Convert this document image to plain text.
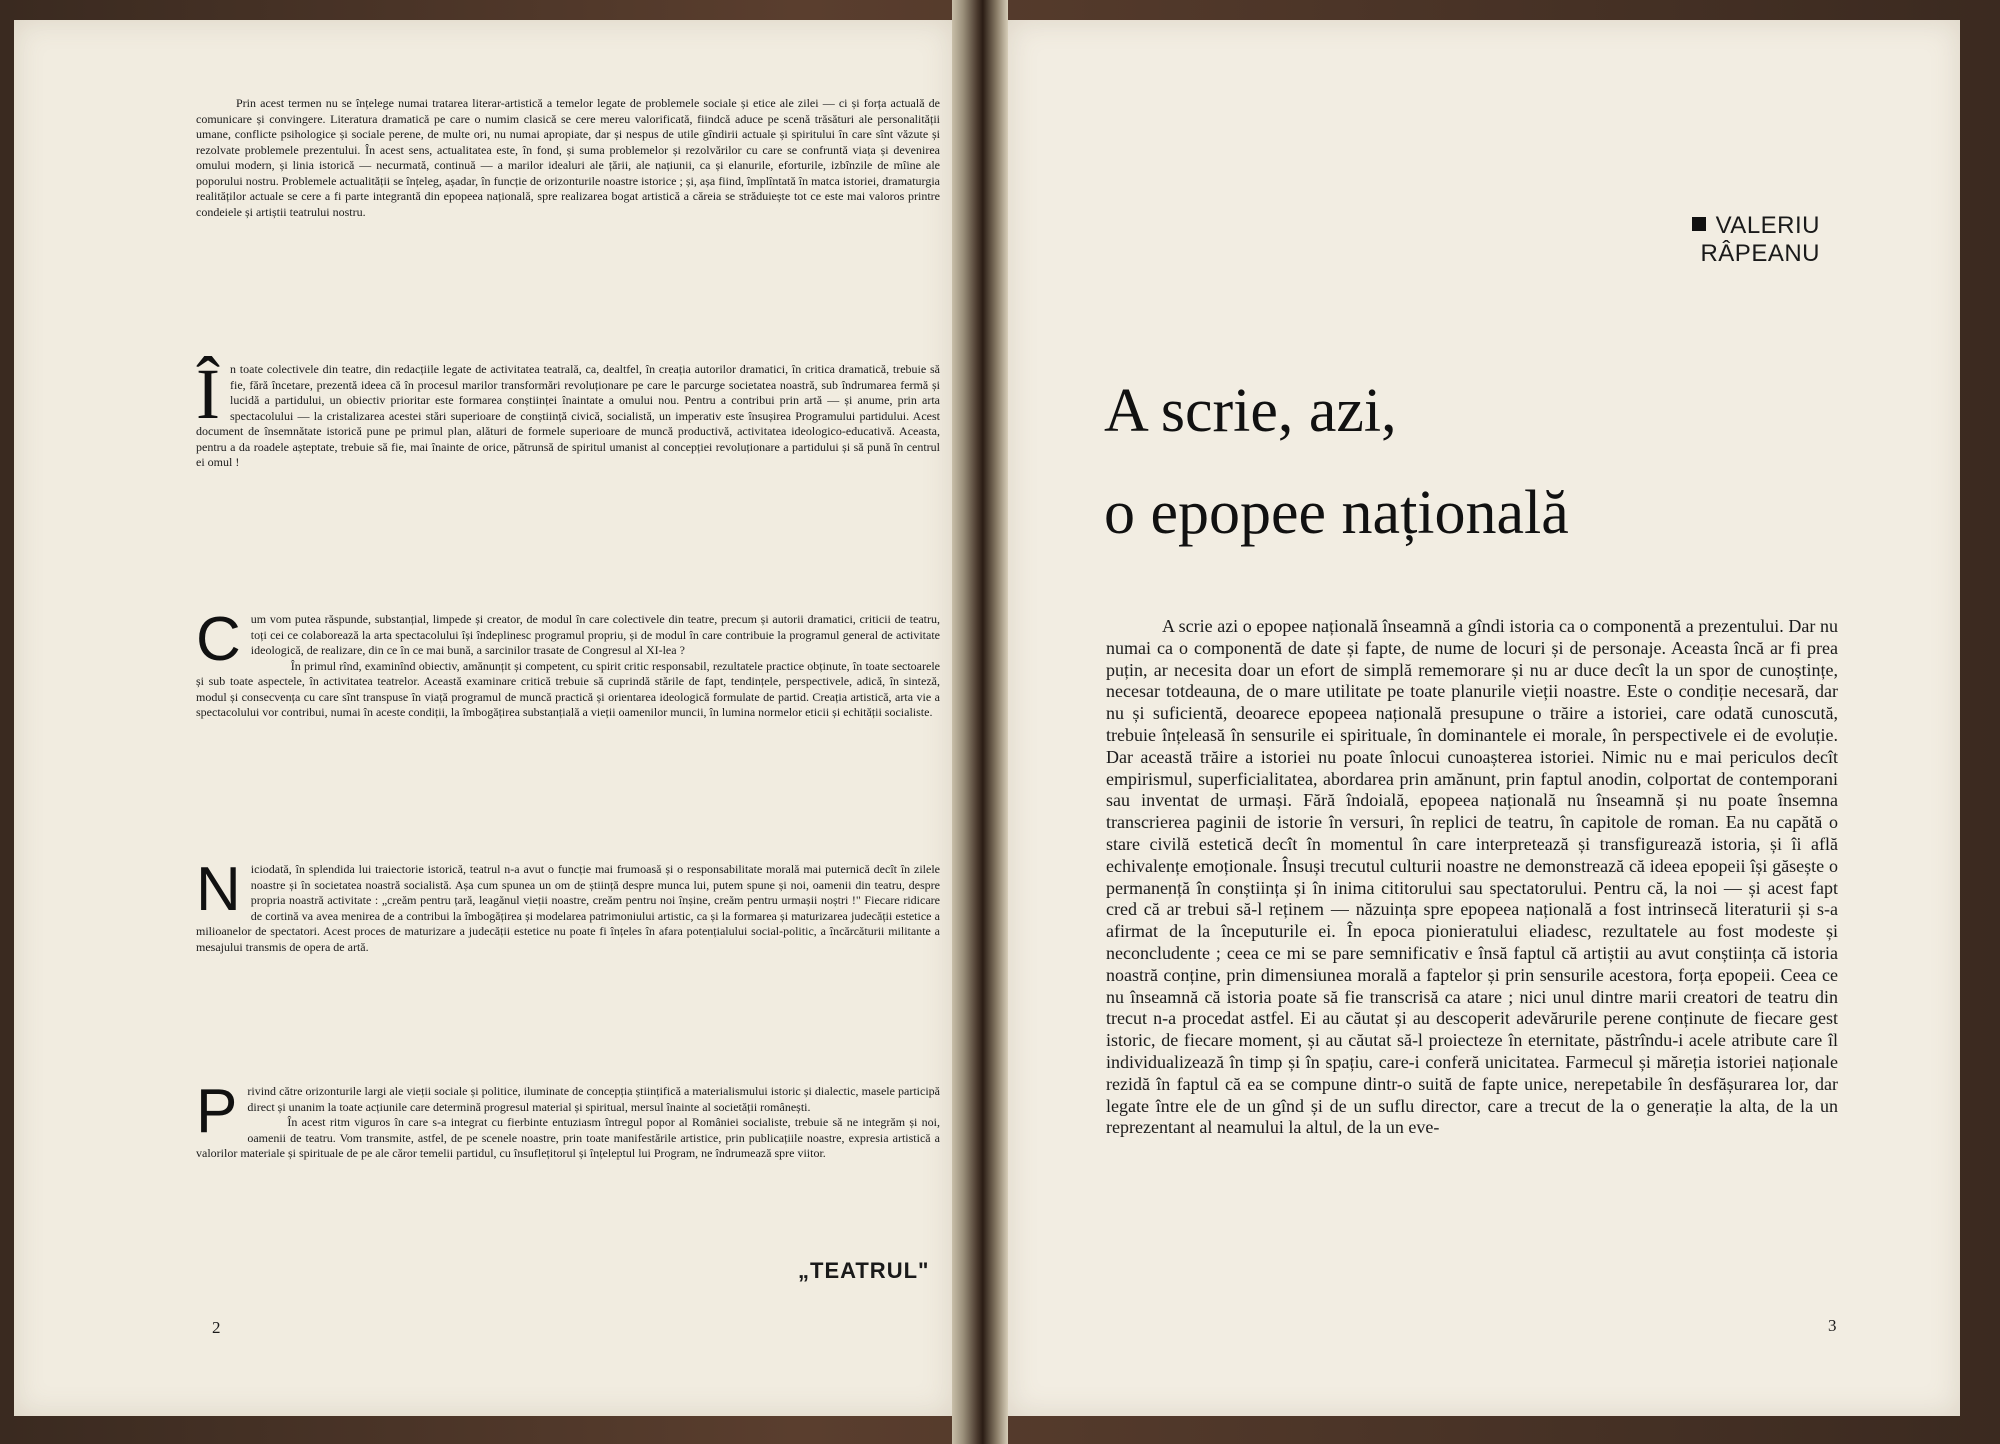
Prin acest termen nu se înțelege numai tratarea literar-artistică a temelor legate de problemele sociale și etice ale zilei — ci și forța actuală de comunicare și convingere. Literatura dramatică pe care o numim clasică se cere mereu valorificată, fiindcă aduce pe scenă trăsături ale personalității umane, conflicte psihologice și sociale perene, de multe ori, nu numai apropiate, dar și nespus de utile gîndirii actuale și spiritului în care sînt văzute și rezolvate problemele prezentului. În acest sens, actualitatea este, în fond, și suma problemelor și rezolvărilor cu care se confruntă viața și devenirea omului modern, și linia istorică — necurmată, continuă — a marilor idealuri ale țării, ale națiunii, ca și elanurile, eforturile, izbînzile de mîine ale poporului nostru. Problemele actualității se înțeleg, așadar, în funcție de orizonturile noastre istorice ; și, așa fiind, împlîntată în matca istoriei, dramaturgia realităților actuale se cere a fi parte integrantă din epopeea națională, spre realizarea bogat artistică a căreia se străduiește tot ce este mai valoros printre condeiele și artiștii teatrului nostru.

Î n toate colectivele din teatre, din redacțiile legate de activitatea teatrală, ca, dealtfel, în creația autorilor dramatici, în critica dramatică, trebuie să fie, fără încetare, prezentă ideea că în procesul marilor transformări revoluționare pe care le parcurge societatea noastră, sub îndrumarea fermă și lucidă a partidului, un obiectiv prioritar este formarea conștiinței înaintate a omului nou. Pentru a contribui prin artă — și anume, prin arta spectacolului — la cristalizarea acestei stări superioare de conștiință civică, socialistă, un imperativ este însușirea Programului partidului. Acest document de însemnătate istorică pune pe primul plan, alături de formele superioare de muncă productivă, activitatea ideologico-educativă. Aceasta, pentru a da roadele așteptate, trebuie să fie, mai înainte de orice, pătrunsă de spiritul umanist al concepției revoluționare a partidului și să pună în centrul ei omul !

C um vom putea răspunde, substanțial, limpede și creator, de modul în care colectivele din teatre, precum și autorii dramatici, criticii de teatru, toți cei ce colaborează la arta spectacolului își îndeplinesc programul propriu, și de modul în care contribuie la programul general de activitate ideologică, de realizare, din ce în ce mai bună, a sarcinilor trasate de Congresul al XI-lea ?

În primul rînd, examinînd obiectiv, amănunțit și competent, cu spirit critic responsabil, rezultatele practice obținute, în toate sectoarele și sub toate aspectele, în activitatea teatrelor. Această examinare critică trebuie să cuprindă stările de fapt, tendințele, perspectivele, adică, în sinteză, modul și consecvența cu care sînt transpuse în viață programul de muncă practică și orientarea ideologică formulate de partid. Creația artistică, arta vie a spectacolului vor contribui, numai în aceste condiții, la îmbogățirea substanțială a vieții oamenilor muncii, în lumina normelor eticii și echității socialiste.

N iciodată, în splendida lui traiectorie istorică, teatrul n-a avut o funcție mai frumoasă și o responsabilitate morală mai puternică decît în zilele noastre și în societatea noastră socialistă. Așa cum spunea un om de știință despre munca lui, putem spune și noi, oamenii din teatru, despre propria noastră activitate : „creăm pentru țară, leagănul vieții noastre, creăm pentru noi înșine, creăm pentru urmașii noștri !" Fiecare ridicare de cortină va avea menirea de a contribui la îmbogățirea și modelarea patrimoniului artistic, ca și la formarea și maturizarea judecății estetice a milioanelor de spectatori. Acest proces de maturizare a judecății estetice nu poate fi înțeles în afara potențialului social-politic, a încărcăturii militante a mesajului transmis de opera de artă.

P rivind către orizonturile largi ale vieții sociale și politice, iluminate de concepția științifică a materialismului istoric și dialectic, masele participă direct și unanim la toate acțiunile care determină progresul material și spiritual, mersul înainte al societății românești.

În acest ritm viguros în care s-a integrat cu fierbinte entuziasm întregul popor al României socialiste, trebuie să ne integrăm și noi, oamenii de teatru. Vom transmite, astfel, de pe scenele noastre, prin toate manifestările artistice, prin publicațiile noastre, expresia artistică a valorilor materiale și spirituale de pe ale căror temelii partidul, cu însuflețitorul și înțeleptul lui Program, ne îndrumează spre viitor.

„TEATRUL"
2
VALERIU
RÂPEANU
A scrie, azi,
o epopee națională

A scrie azi o epopee națională înseamnă a gîndi istoria ca o componentă a prezentului. Dar nu numai ca o componentă de date și fapte, de nume de locuri și de personaje. Aceasta încă ar fi prea puțin, ar necesita doar un efort de simplă rememorare și nu ar duce decît la un spor de cunoștințe, necesar totdeauna, de o mare utilitate pe toate planurile vieții noastre. Este o condiție necesară, dar nu și suficientă, deoarece epopeea națională presupune o trăire a istoriei, care odată cunoscută, trebuie înțeleasă în sensurile ei spirituale, în dominantele ei morale, în perspectivele ei de evoluție. Dar această trăire a istoriei nu poate înlocui cunoașterea istoriei. Nimic nu e mai periculos decît empirismul, superficialitatea, abordarea prin amănunt, prin faptul anodin, colportat de contemporani sau inventat de urmași. Fără îndoială, epopeea națională nu înseamnă și nu poate însemna transcrierea paginii de istorie în versuri, în replici de teatru, în capitole de roman. Ea nu capătă o stare civilă estetică decît în momentul în care interpretează și transfigurează istoria, și îi află echivalențe emoționale. Însuși trecutul culturii noastre ne demonstrează că ideea epopeii își găsește o permanență în conștiința și în inima cititorului sau spectatorului. Pentru că, la noi — și acest fapt cred că ar trebui să-l reținem — năzuința spre epopeea națională a fost intrinsecă literaturii și s-a afirmat de la începuturile ei. În epoca pionieratului eliadesc, rezultatele au fost modeste și neconcludente ; ceea ce mi se pare semnificativ e însă faptul că artiștii au avut conștiința că istoria noastră conține, prin dimensiunea morală a faptelor și prin sensurile acestora, forța epopeii. Ceea ce nu înseamnă că istoria poate să fie transcrisă ca atare ; nici unul dintre marii creatori de teatru din trecut n-a procedat astfel. Ei au căutat și au descoperit adevărurile perene conținute de fiecare gest istoric, de fiecare moment, și au căutat să-l proiecteze în eternitate, păstrîndu-i acele atribute care îl individualizează în timp și în spațiu, care-i conferă unicitatea. Farmecul și măreția istoriei naționale rezidă în faptul că ea se compune dintr-o suită de fapte unice, nerepetabile în desfășurarea lor, dar legate între ele de un gînd și de un suflu director, care a trecut de la o generație la alta, de la un reprezentant al neamului la altul, de la un eve-

3
